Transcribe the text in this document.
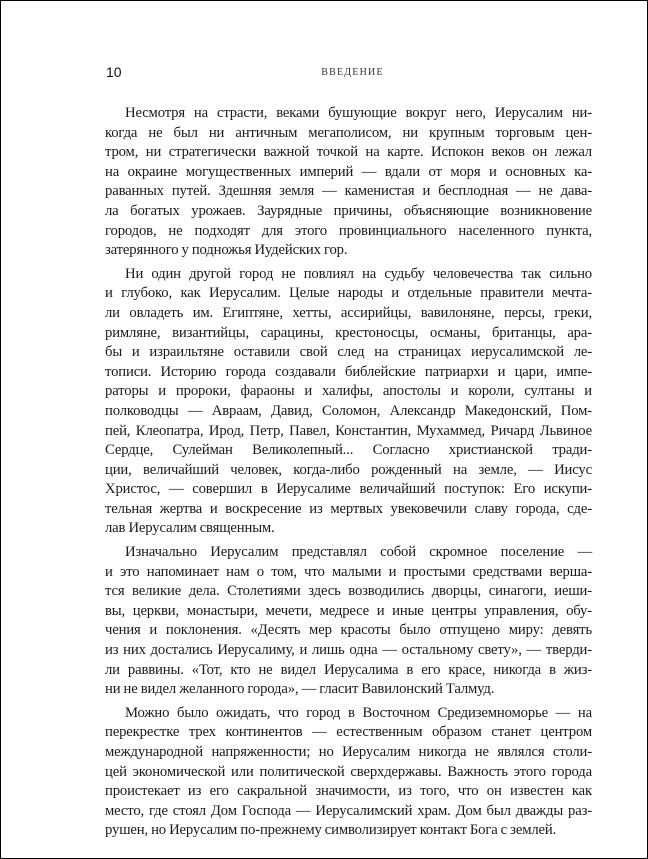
10	ВВЕДЕНИЕ
Несмотря на страсти, веками бушующие вокруг него, Иерусалим ни-
когда не был ни античным мегаполисом, ни крупным торговым цен-
тром, ни стратегически важной точкой на карте. Испокон веков он лежал
на окраине могущественных империй — вдали от моря и основных ка-
раванных путей. Здешняя земля — каменистая и бесплодная — не дава-
ла богатых урожаев. Заурядные причины, объясняющие возникновение
городов, не подходят для этого провинциального населенного пункта,
затерянного у подножья Иудейских гор.
Ни один другой город не повлиял на судьбу человечества так сильно
и глубоко, как Иерусалим. Целые народы и отдельные правители мечта-
ли овладеть им. Египтяне, хетты, ассирийцы, вавилоняне, персы, греки,
римляне, византийцы, сарацины, крестоносцы, османы, британцы, ара-
бы и израильтяне оставили свой след на страницах иерусалимской ле-
тописи. Историю города создавали библейские патриархи и цари, импе-
раторы и пророки, фараоны и халифы, апостолы и короли, султаны и
полководцы — Авраам, Давид, Соломон, Александр Македонский, Пом-
пей, Клеопатра, Ирод, Петр, Павел, Константин, Мухаммед, Ричард Львиное
Сердце, Сулейман Великолепный... Согласно христианской тради-
ции, величайший человек, когда-либо рожденный на земле, — Иисус
Христос, — совершил в Иерусалиме величайший поступок: Его искупи-
тельная жертва и воскресение из мертвых увековечили славу города, сде-
лав Иерусалим священным.
Изначально Иерусалим представлял собой скромное поселение —
и это напоминает нам о том, что малыми и простыми средствами верша-
тся великие дела. Столетиями здесь возводились дворцы, синагоги, иеши-
вы, церкви, монастыри, мечети, медресе и иные центры управления, обу-
чения и поклонения. «Десять мер красоты было отпущено миру: девять
из них достались Иерусалиму, и лишь одна — остальному свету», — тверди-
ли раввины. «Тот, кто не видел Иерусалима в его красе, никогда в жиз-
ни не видел желанного города», — гласит Вавилонский Талмуд.
Можно было ожидать, что город в Восточном Средиземноморье — на
перекрестке трех континентов — естественным образом станет центром
международной напряженности; но Иерусалим никогда не являлся столи-
цей экономической или политической сверхдержавы. Важность этого города
проистекает из его сакральной значимости, из того, что он известен как
место, где стоял Дом Господа — Иерусалимский храм. Дом был дважды раз-
рушен, но Иерусалим по-прежнему символизирует контакт Бога с землей.
